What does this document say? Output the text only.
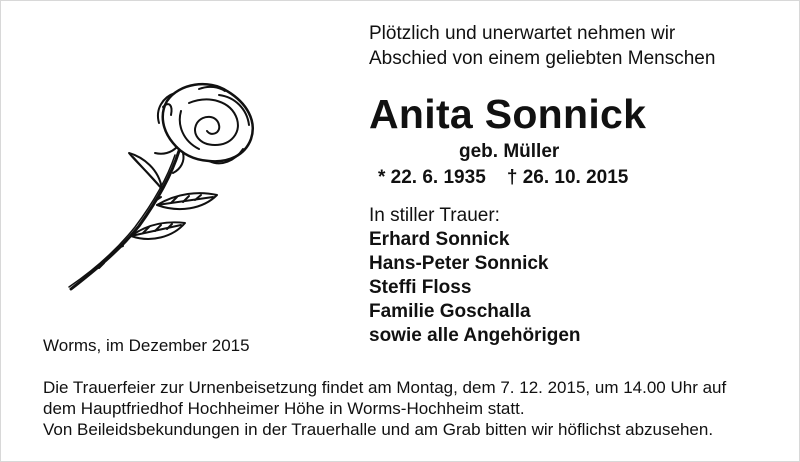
Plötzlich und unerwartet nehmen wir

Abschied von einem geliebten Menschen

Anita Sonnick

geb. Müller

* 22. 6. 1935    † 26. 10. 2015

In stiller Trauer:

Erhard Sonnick

Hans-Peter Sonnick

Steffi Floss

Familie Goschalla

sowie alle Angehörigen

Worms, im Dezember 2015

Die Trauerfeier zur Urnenbeisetzung findet am Montag, dem 7. 12. 2015, um 14.00 Uhr auf

dem Hauptfriedhof Hochheimer Höhe in Worms-Hochheim statt.

Von Beileidsbekundungen in der Trauerhalle und am Grab bitten wir höflichst abzusehen.
